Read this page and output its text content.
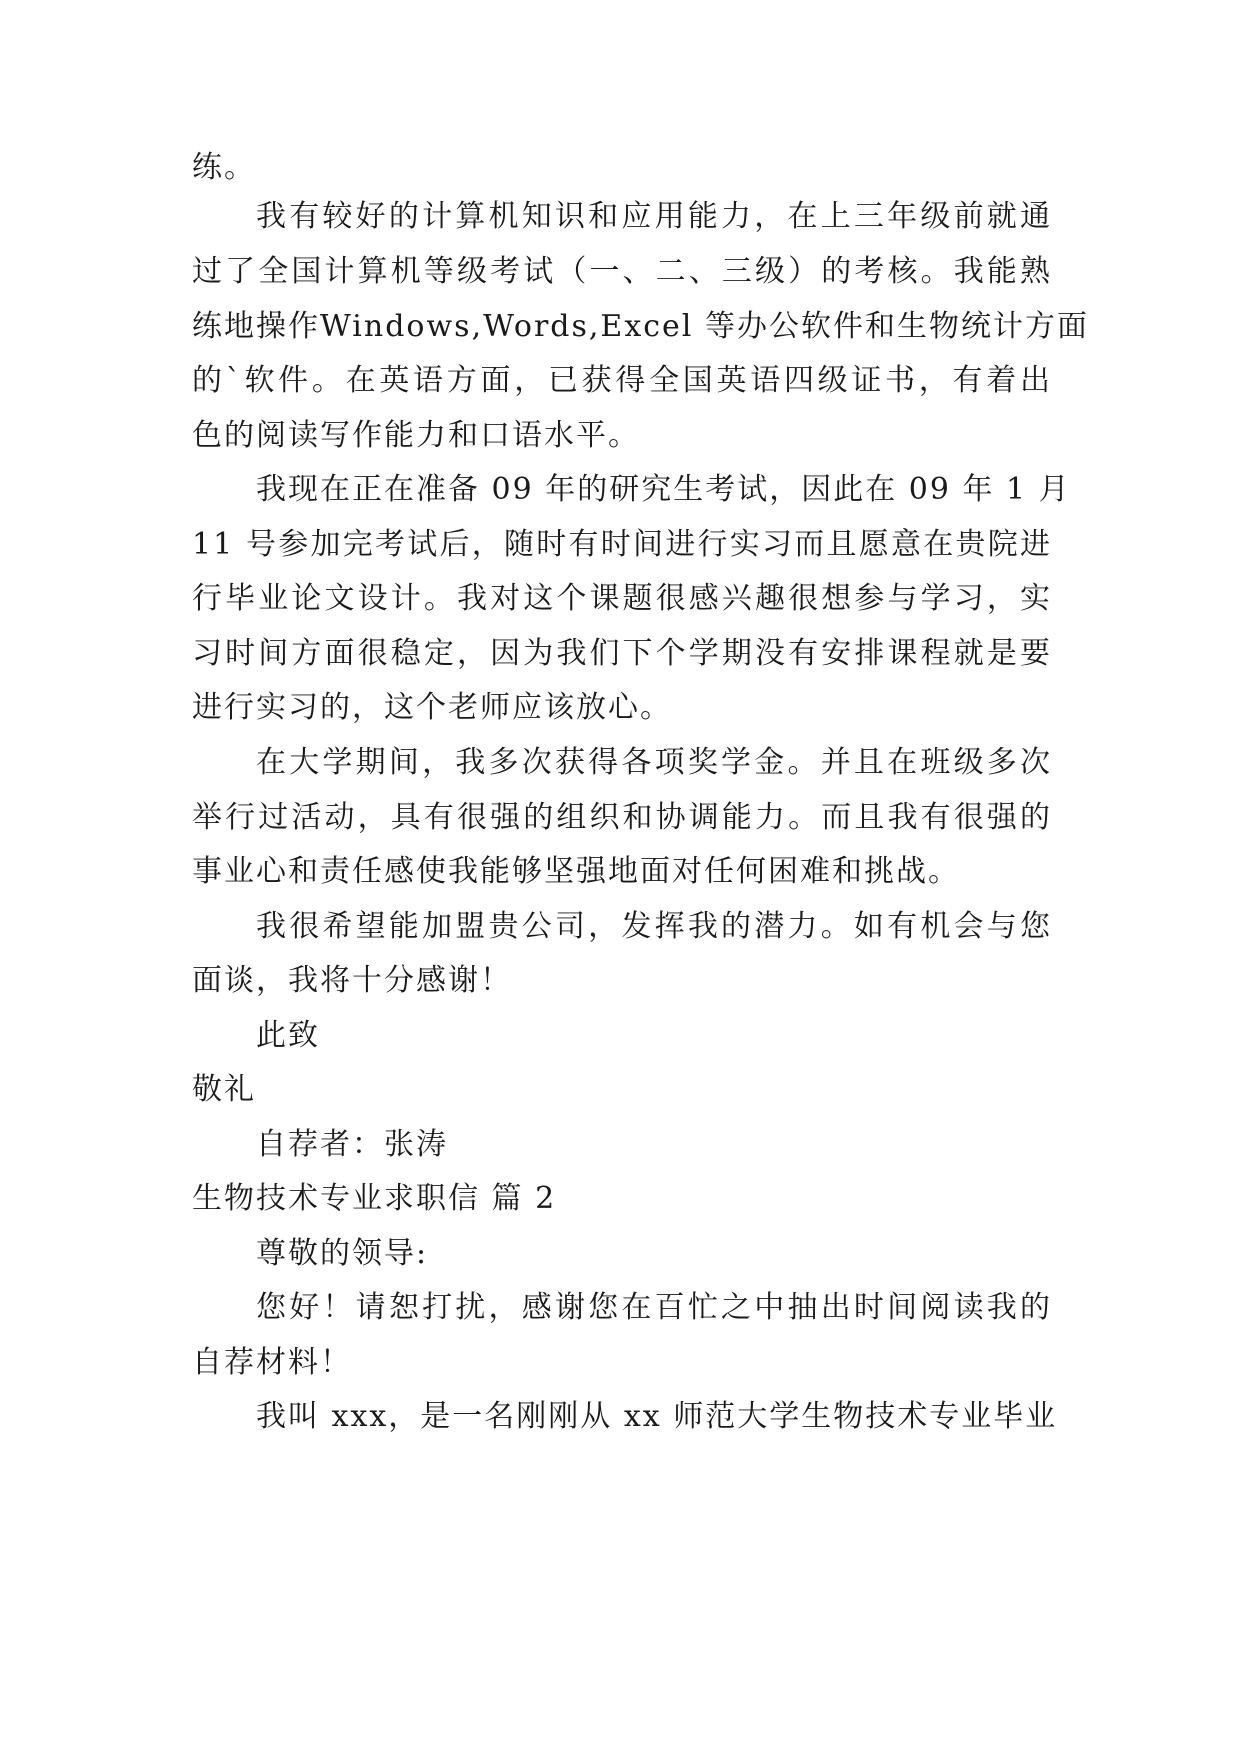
练。
我有较好的计算机知识和应用能力，在上三年级前就通
过了全国计算机等级考试（一、二、三级）的考核。我能熟
练地操作Windows,Words,Excel 等办公软件和生物统计方面
的`软件。在英语方面，已获得全国英语四级证书，有着出
色的阅读写作能力和口语水平。
我现在正在准备 09 年的研究生考试，因此在 09 年 1 月
11 号参加完考试后，随时有时间进行实习而且愿意在贵院进
行毕业论文设计。我对这个课题很感兴趣很想参与学习，实
习时间方面很稳定，因为我们下个学期没有安排课程就是要
进行实习的，这个老师应该放心。
在大学期间，我多次获得各项奖学金。并且在班级多次
举行过活动，具有很强的组织和协调能力。而且我有很强的
事业心和责任感使我能够坚强地面对任何困难和挑战。
我很希望能加盟贵公司，发挥我的潜力。如有机会与您
面谈，我将十分感谢！
此致
敬礼
自荐者：张涛
生物技术专业求职信 篇 2
尊敬的领导:
您好！请恕打扰，感谢您在百忙之中抽出时间阅读我的
自荐材料！
我叫 xxx，是一名刚刚从 xx 师范大学生物技术专业毕业
